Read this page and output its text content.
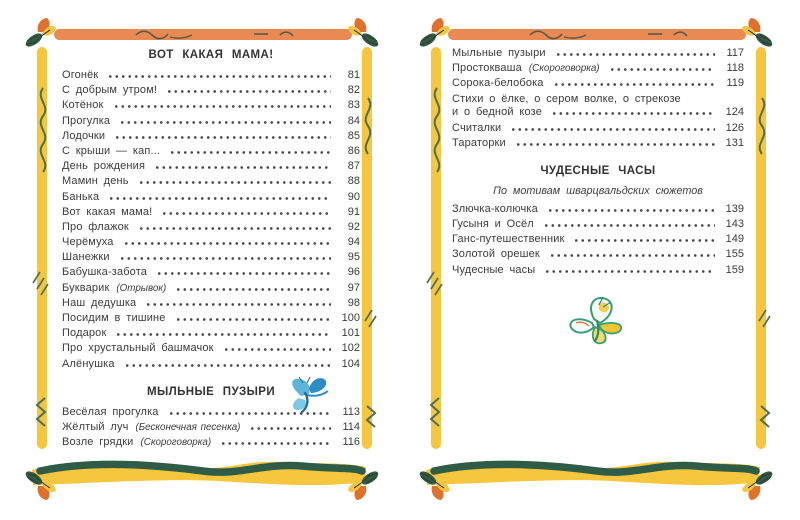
ВОТ КАКАЯ МАМА!
Огонёк	81
С добрым утром!	82
Котёнок	83
Прогулка	84
Лодочки	85
С крыши — кап...	86
День рождения	87
Мамин день	88
Банька	90
Вот какая мама!	91
Про флажок	92
Черёмуха	94
Шанежки	95
Бабушка-забота	96
Букварик (Отрывок)	97
Наш дедушка	98
Посидим в тишине	100
Подарок	101
Про хрустальный башмачок	102
Алёнушка	104
МЫЛЬНЫЕ ПУЗЫРИ
Весёлая прогулка	113
Жёлтый луч (Бесконечная песенка)	114
Возле грядки (Скороговорка)	116
Мыльные пузыри	117
Простокваша (Скороговорка)	118
Сорока-белобока	119
Стихи о ёлке, о сером волке, о стрекозе
и о бедной козе	124
Считалки	126
Тараторки	131
ЧУДЕСНЫЕ ЧАСЫ
По мотивам шварцвальдских сюжетов
Злючка-колючка	139
Гусыня и Осёл	143
Ганс-путешественник	149
Золотой орешек	155
Чудесные часы	159
